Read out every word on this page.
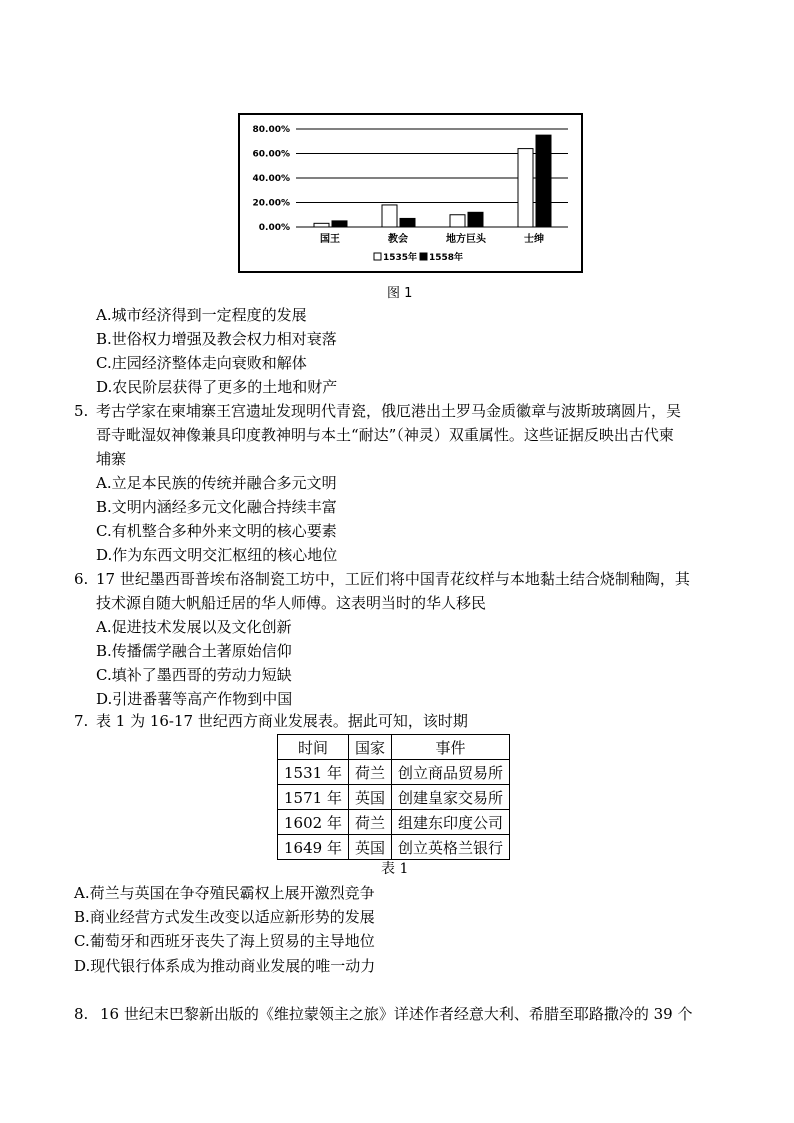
0.00%
20.00%
40.00%
60.00%
80.00%
国王	教会	地方巨头	士绅
1535年 1558年
图 1
A.城市经济得到一定程度的发展
B.世俗权力增强及教会权力相对衰落
C.庄园经济整体走向衰败和解体
D.农民阶层获得了更多的土地和财产
5. 考古学家在柬埔寨王宫遗址发现明代青瓷，俄厄港出土罗马金质徽章与波斯玻璃圆片，吴
哥寺毗湿奴神像兼具印度教神明与本土“耐达”（神灵）双重属性。这些证据反映出古代柬
埔寨
A.立足本民族的传统并融合多元文明
B.文明内涵经多元文化融合持续丰富
C.有机整合多种外来文明的核心要素
D.作为东西文明交汇枢纽的核心地位
6. 17 世纪墨西哥普埃布洛制瓷工坊中，工匠们将中国青花纹样与本地黏土结合烧制釉陶，其
技术源自随大帆船迁居的华人师傅。这表明当时的华人移民
A.促进技术发展以及文化创新
B.传播儒学融合土著原始信仰
C.填补了墨西哥的劳动力短缺
D.引进番薯等高产作物到中国
7. 表 1 为 16-17 世纪西方商业发展表。据此可知，该时期
时间	国家	事件
1531 年	荷兰	创立商品贸易所
1571 年	英国	创建皇家交易所
1602 年	荷兰	组建东印度公司
1649 年	英国	创立英格兰银行
表 1
A.荷兰与英国在争夺殖民霸权上展开激烈竞争
B.商业经营方式发生改变以适应新形势的发展
C.葡萄牙和西班牙丧失了海上贸易的主导地位
D.现代银行体系成为推动商业发展的唯一动力
8. 16 世纪末巴黎新出版的《维拉蒙领主之旅》详述作者经意大利、希腊至耶路撒冷的 39 个
